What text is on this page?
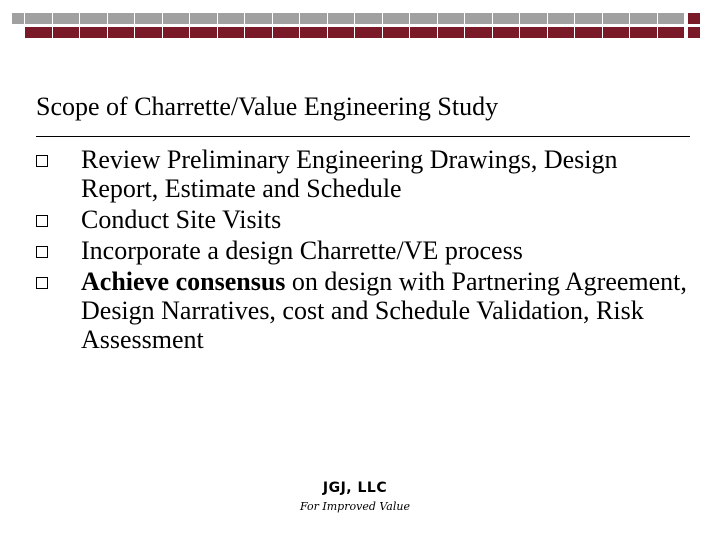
Scope of Charrette/Value Engineering Study
Review Preliminary Engineering Drawings, Design Report, Estimate and Schedule
Conduct Site Visits
Incorporate a design Charrette/VE process
Achieve consensus on design with Partnering Agreement, Design Narratives, cost and Schedule Validation, Risk Assessment
JGJ, LLC
For Improved Value
